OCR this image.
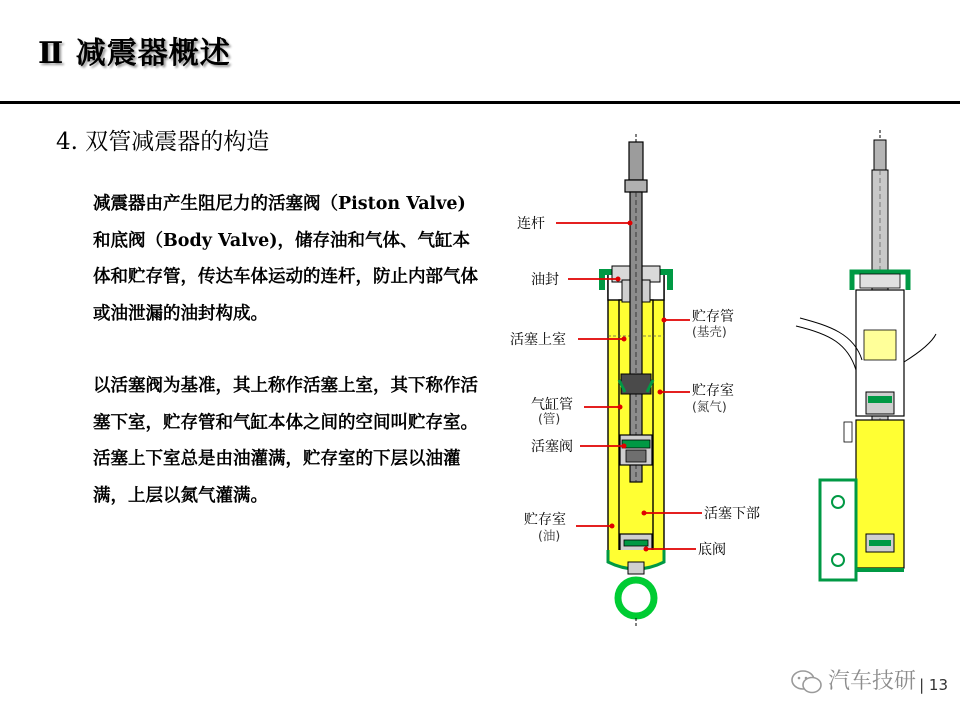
Ⅱ 减震器概述
4. 双管减震器的构造

减震器由产生阻尼力的活塞阀（Piston Valve)和底阀（Body Valve)，储存油和气体、气缸本体和贮存管，传达车体运动的连杆，防止内部气体或油泄漏的油封构成。

以活塞阀为基准，其上称作活塞上室，其下称作活塞下室，贮存管和气缸本体之间的空间叫贮存室。

活塞上下室总是由油灌满，贮存室的下层以油灌满，上层以氮气灌满。

连杆
油封
活塞上室
气缸管
(管)
活塞阀
贮存室
(油)
贮存管
(基壳)
贮存室
(氮气)
活塞下部
底阀
汽车技研 | 13
